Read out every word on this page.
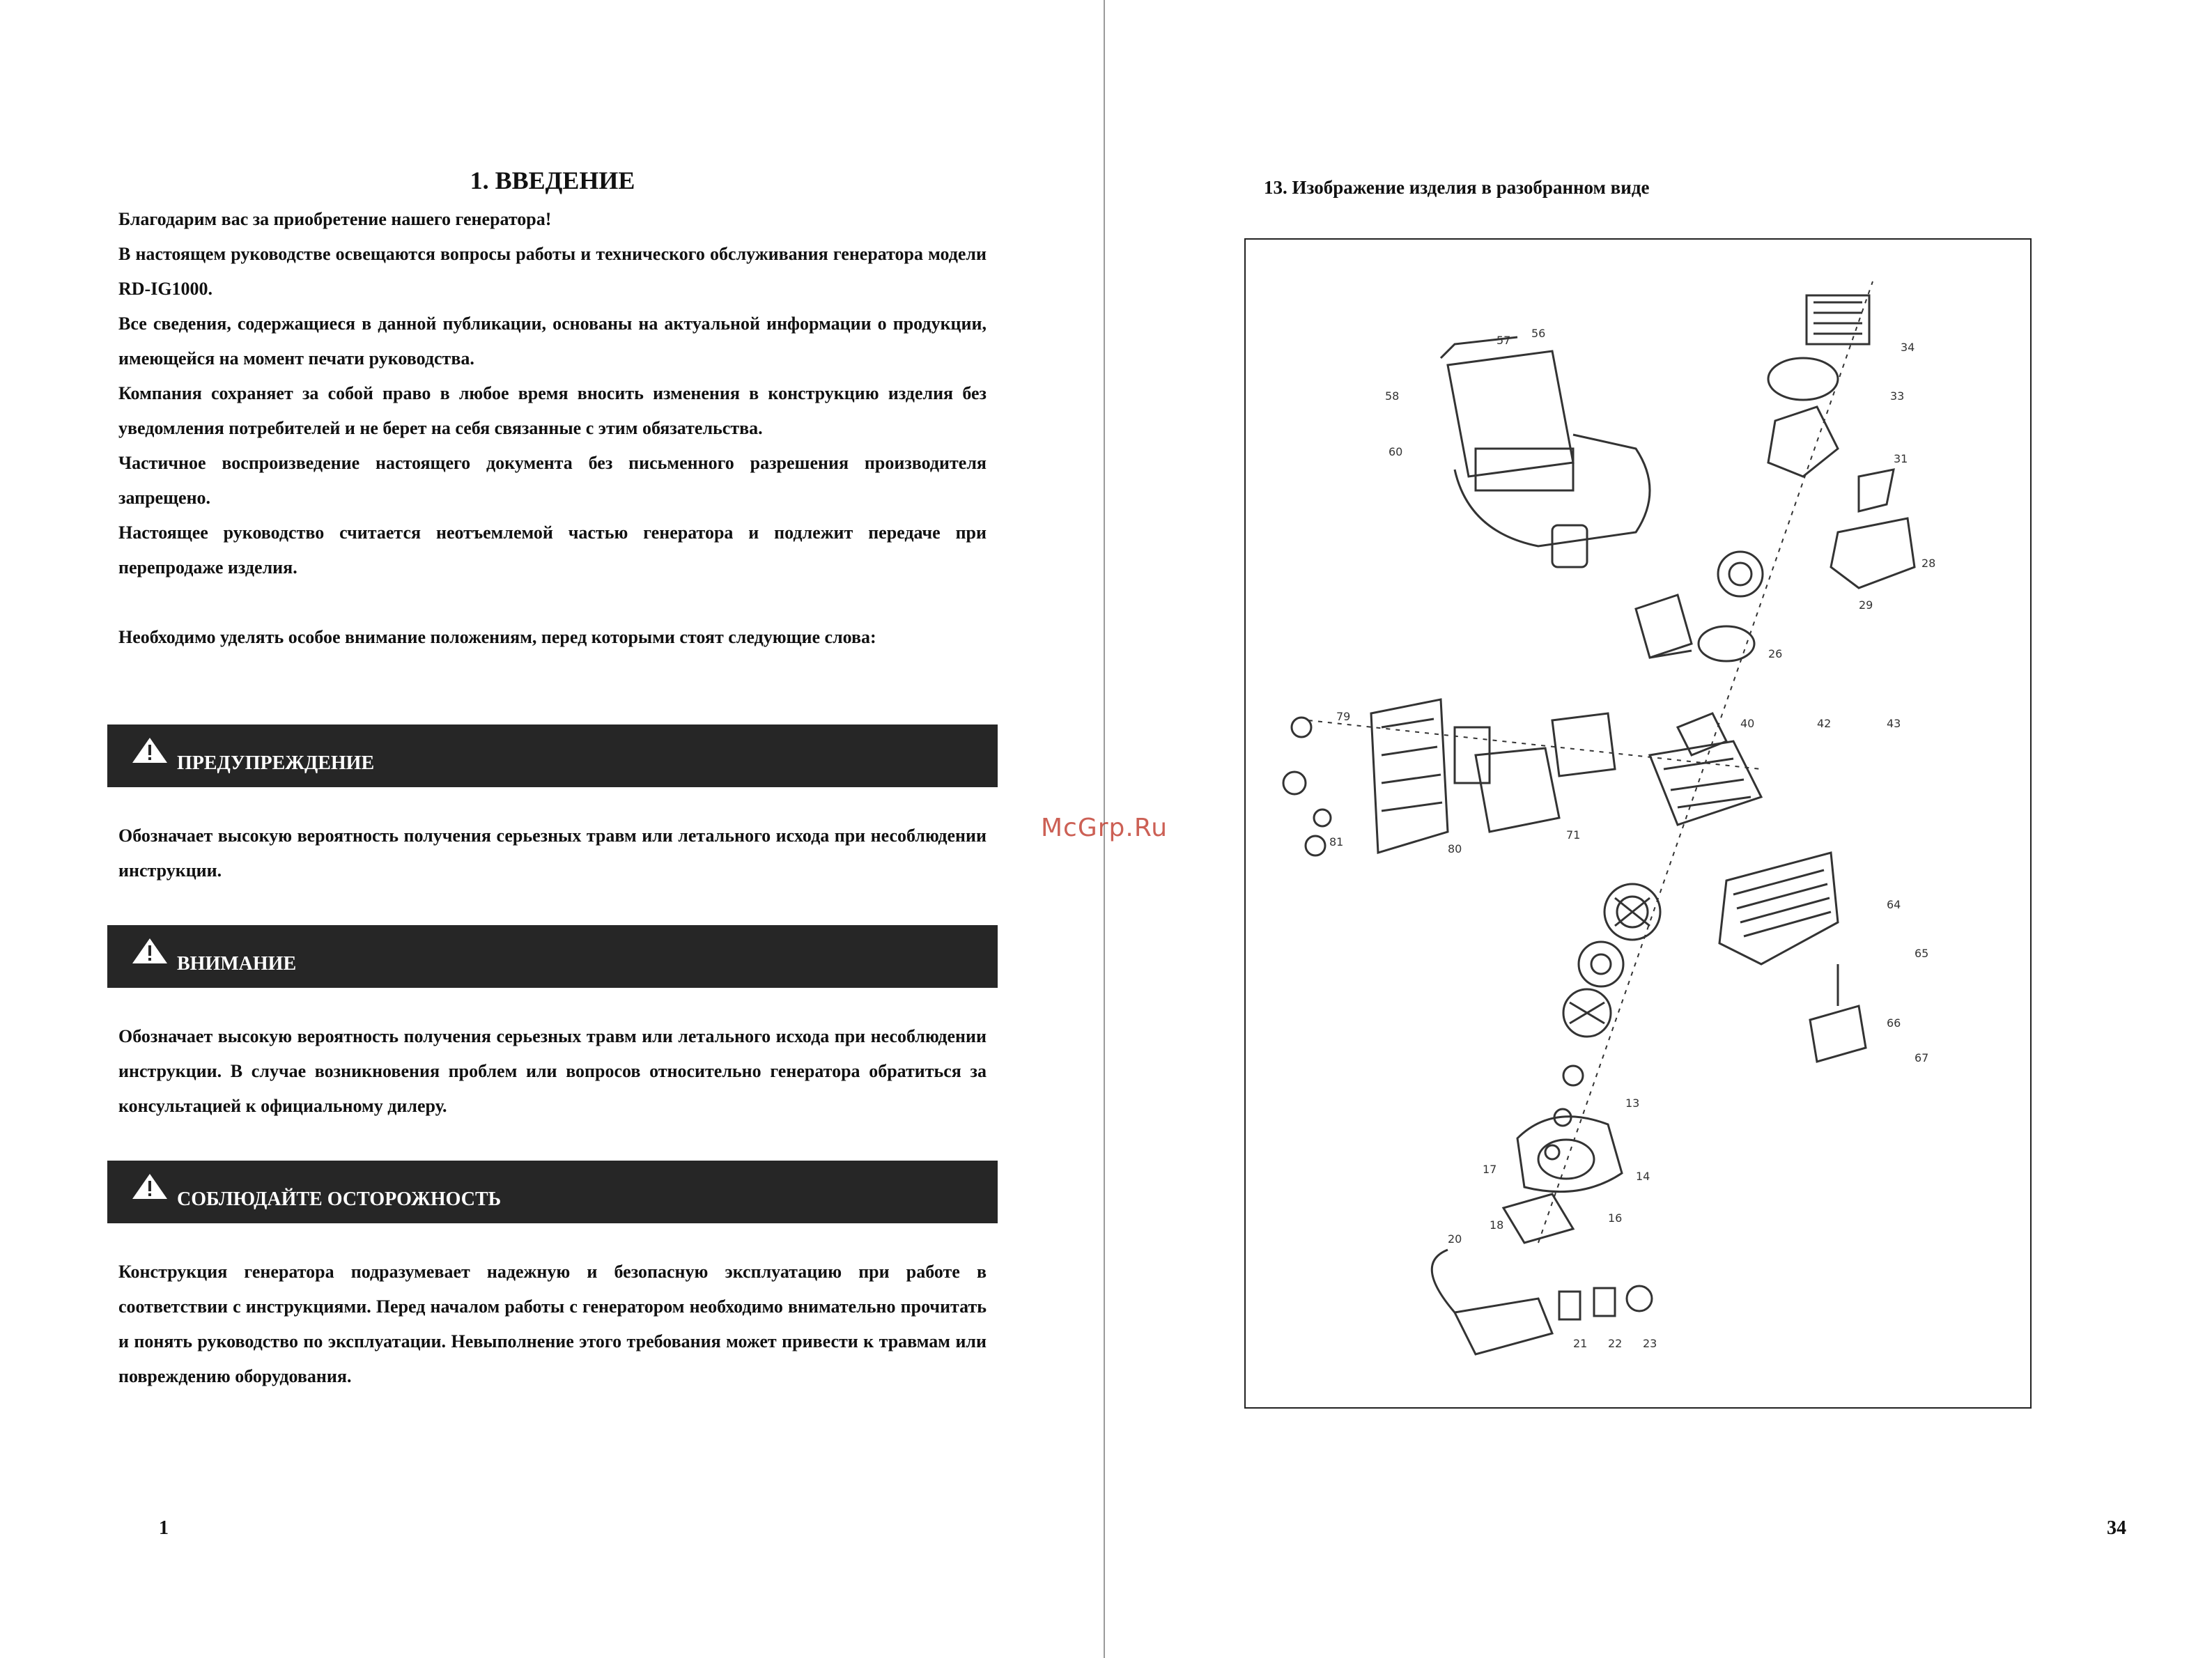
1. ВВЕДЕНИЕ

Благодарим вас за приобретение нашего генератора!

В настоящем руководстве освещаются вопросы работы и технического обслуживания генератора модели RD-IG1000.

Все сведения, содержащиеся в данной публикации, основаны на актуальной информации о продукции, имеющейся на момент печати руководства.

Компания сохраняет за собой право в любое время вносить изменения в конструкцию изделия без уведомления потребителей и не берет на себя связанные с этим обязательства.

Частичное воспроизведение настоящего документа без письменного разрешения производителя запрещено.

Настоящее руководство считается неотъемлемой частью генератора и подлежит передаче при перепродаже изделия.

Необходимо уделять особое внимание положениям, перед которыми стоят следующие слова:

ПРЕДУПРЕЖДЕНИЕ
Обозначает высокую вероятность получения серьезных травм или летального исхода при несоблюдении инструкции.
ВНИМАНИЕ
Обозначает высокую вероятность получения серьезных травм или летального исхода при несоблюдении инструкции. В случае возникновения проблем или вопросов относительно генератора обратиться за консультацией к официальному дилеру.
СОБЛЮДАЙТЕ ОСТОРОЖНОСТЬ
Конструкция генератора подразумевает надежную и безопасную эксплуатацию при работе в соответствии с инструкциями. Перед началом работы с генератором необходимо внимательно прочитать и понять руководство по эксплуатации. Невыполнение этого требования может привести к травмам или повреждению оборудования.
1
13. Изображение изделия в разобранном виде
57
56
58
60
34
33
31
29
28
26
40	42	43
79
81
80
71
64
65
66
67
14
17
18
20
21 22 23
16
13
34
McGrp.Ru
